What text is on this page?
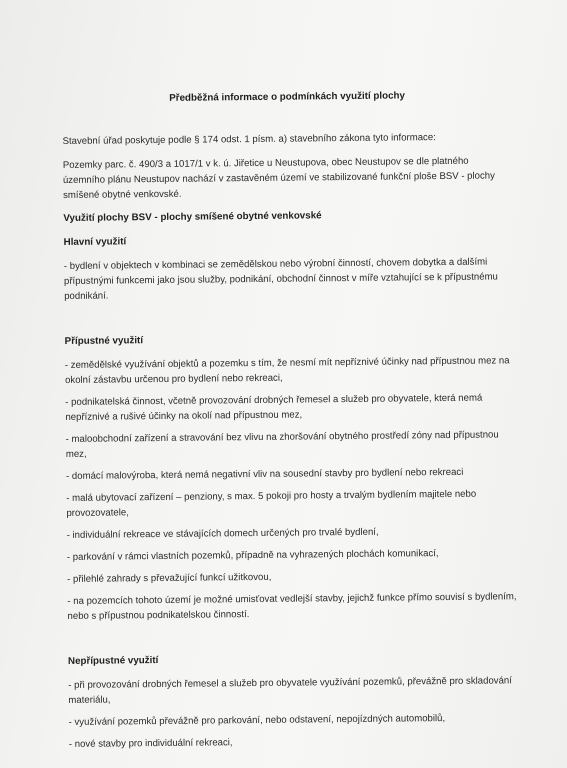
Předběžná informace o podmínkách využití plochy

Stavební úřad poskytuje podle § 174 odst. 1 písm. a) stavebního zákona tyto informace:

Pozemky parc. č. 490/3 a 1017/1 v k. ú. Jiřetice u Neustupova, obec Neustupov se dle platného územního plánu Neustupov nachází v zastavěném území ve stabilizované funkční ploše BSV - plochy smíšené obytné venkovské.

Využití plochy BSV - plochy smíšené obytné venkovské
Hlavní využití

- bydlení v objektech v kombinaci se zemědělskou nebo výrobní činností, chovem dobytka a dalšími přípustnými funkcemi jako jsou služby, podnikání, obchodní činnost v míře vztahující se k přípustnému podnikání.

Přípustné využití

- zemědělské využívání objektů a pozemku s tím, že nesmí mít nepříznivé účinky nad přípustnou mez na okolní zástavbu určenou pro bydlení nebo rekreaci,

- podnikatelská činnost, včetně provozování drobných řemesel a služeb pro obyvatele, která nemá nepříznivé a rušivé účinky na okolí nad přípustnou mez,

- maloobchodní zařízení a stravování bez vlivu na zhoršování obytného prostředí zóny nad přípustnou mez,

- domácí malovýroba, která nemá negativní vliv na sousední stavby pro bydlení nebo rekreaci

- malá ubytovací zařízení – penziony, s max. 5 pokoji pro hosty a trvalým bydlením majitele nebo provozovatele,

- individuální rekreace ve stávajících domech určených pro trvalé bydlení,

- parkování v rámci vlastních pozemků, případně na vyhrazených plochách komunikací,

- přilehlé zahrady s převažující funkcí užitkovou,

- na pozemcích tohoto území je možné umisťovat vedlejší stavby, jejichž funkce přímo souvisí s bydlením, nebo s přípustnou podnikatelskou činností.

Nepřípustné využití

- při provozování drobných řemesel a služeb pro obyvatele využívání pozemků, převážně pro skladování materiálu,

- využívání pozemků převážně pro parkování, nebo odstavení, nepojízdných automobilů,

- nové stavby pro individuální rekreaci,
